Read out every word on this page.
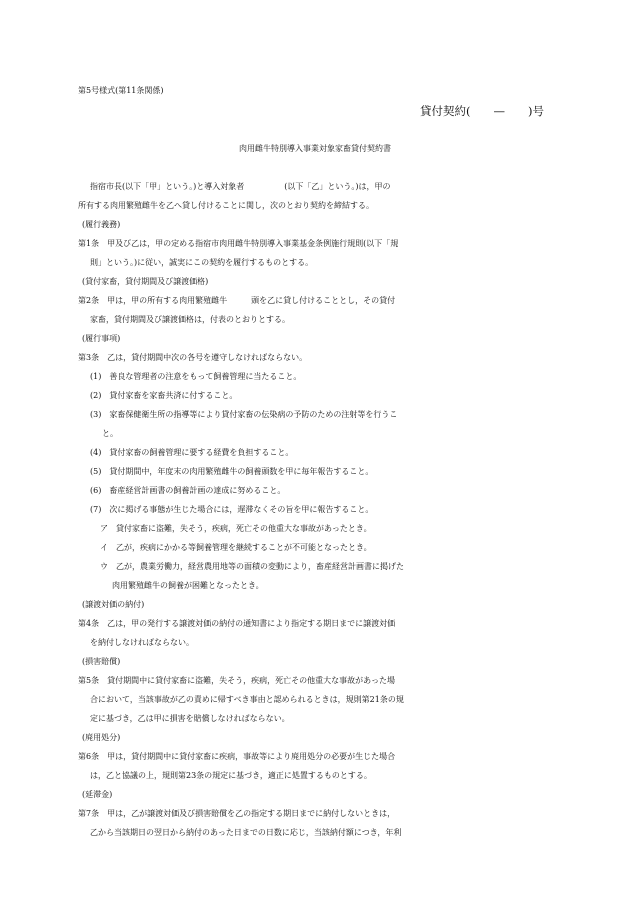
第5号様式(第11条関係)
貸付契約(　　—　　)号
肉用雌牛特別導入事業対象家畜貸付契約書
指宿市長(以下「甲」という。)と導入対象者　　　　　(以下「乙」という。)は，甲の
所有する肉用繁殖雌牛を乙へ貸し付けることに関し，次のとおり契約を締結する。
(履行義務)
第1条　甲及び乙は，甲の定める指宿市肉用雌牛特別導入事業基金条例施行規則(以下「規
則」という。)に従い，誠実にこの契約を履行するものとする。
(貸付家畜，貸付期間及び譲渡価格)
第2条　甲は，甲の所有する肉用繁殖雌牛　　　頭を乙に貸し付けることとし，その貸付
家畜，貸付期間及び譲渡価格は，付表のとおりとする。
(履行事項)
第3条　乙は，貸付期間中次の各号を遵守しなければならない。
(1)　善良な管理者の注意をもって飼養管理に当たること。
(2)　貸付家畜を家畜共済に付すること。
(3)　家畜保健衛生所の指導等により貸付家畜の伝染病の予防のための注射等を行うこ
と。
(4)　貸付家畜の飼養管理に要する経費を負担すること。
(5)　貸付期間中，年度末の肉用繁殖雌牛の飼養頭数を甲に毎年報告すること。
(6)　畜産経営計画書の飼養計画の達成に努めること。
(7)　次に掲げる事態が生じた場合には，遅滞なくその旨を甲に報告すること。
ア　貸付家畜に盗難，失そう，疾病，死亡その他重大な事故があったとき。
イ　乙が，疾病にかかる等飼養管理を継続することが不可能となったとき。
ウ　乙が，農業労働力，経営農用地等の面積の変動により，畜産経営計画書に掲げた
肉用繁殖雌牛の飼養が困難となったとき。
(譲渡対価の納付)
第4条　乙は，甲の発行する譲渡対価の納付の通知書により指定する期日までに譲渡対価
を納付しなければならない。
(損害賠償)
第5条　貸付期間中に貸付家畜に盗難，失そう，疾病，死亡その他重大な事故があった場
合において，当該事故が乙の責めに帰すべき事由と認められるときは，規則第21条の規
定に基づき，乙は甲に損害を賠償しなければならない。
(廃用処分)
第6条　甲は，貸付期間中に貸付家畜に疾病，事故等により廃用処分の必要が生じた場合
は，乙と協議の上，規則第23条の規定に基づき，適正に処置するものとする。
(延滞金)
第7条　甲は，乙が譲渡対価及び損害賠償を乙の指定する期日までに納付しないときは，
乙から当該期日の翌日から納付のあった日までの日数に応じ，当該納付額につき，年利
